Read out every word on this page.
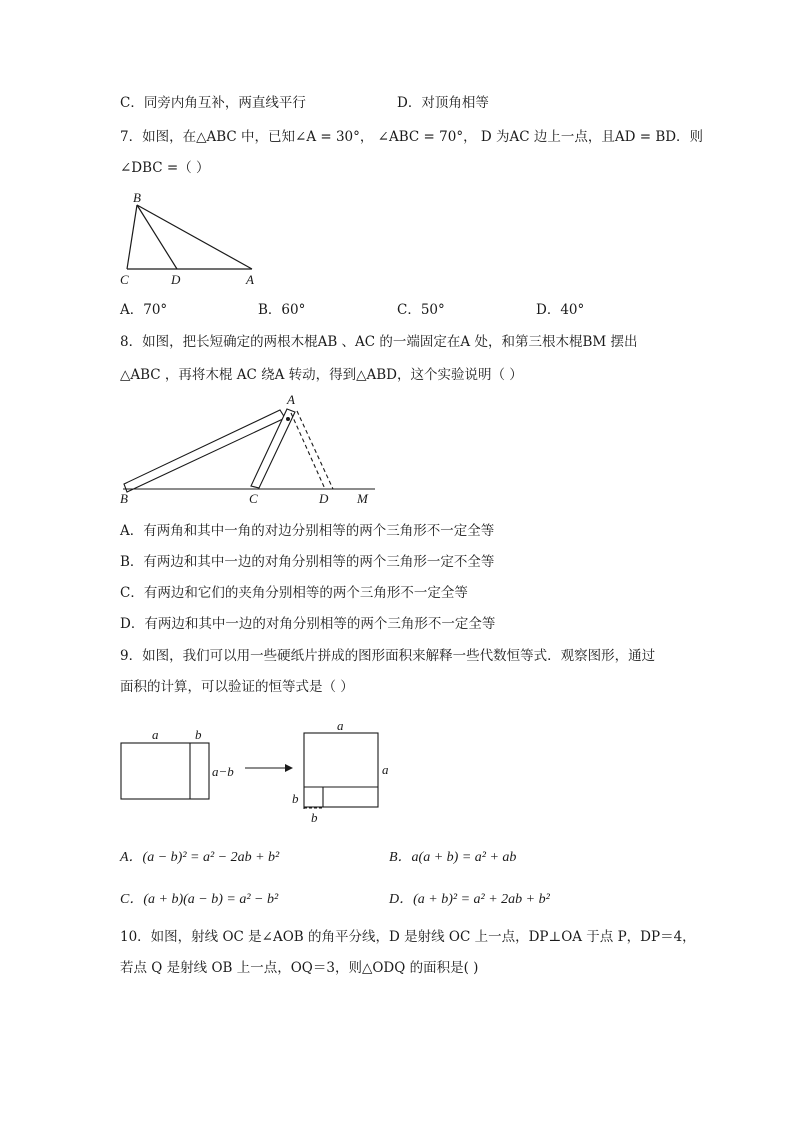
C．同旁内角互补，两直线平行	D．对顶角相等
7．如图，在△ABC 中，已知∠A = 30°， ∠ABC = 70°， D 为AC 边上一点，且AD = BD．则
∠DBC =（ ）
B
C	D	A
A．70°	B．60°	C．50°	D．40°
8．如图，把长短确定的两根木棍AB 、AC 的一端固定在A 处，和第三根木棍BM 摆出
△ABC ，再将木棍 AC 绕A 转动，得到△ABD，这个实验说明（ ）
A
B	C	D M
A．有两角和其中一角的对边分别相等的两个三角形不一定全等
B．有两边和其中一边的对角分别相等的两个三角形一定不全等
C．有两边和它们的夹角分别相等的两个三角形不一定全等
D．有两边和其中一边的对角分别相等的两个三角形不一定全等
9．如图，我们可以用一些硬纸片拼成的图形面积来解释一些代数恒等式．观察图形，通过
面积的计算，可以验证的恒等式是（ ）
a	b
a−b
a
a
b
b
A．(a − b)² = a² − 2ab + b²	B．a(a + b) = a² + ab
C．(a + b)(a − b) = a² − b²	D．(a + b)² = a² + 2ab + b²
10．如图，射线 OC 是∠AOB 的角平分线，D 是射线 OC 上一点，DP⊥OA 于点 P，DP＝4，
若点 Q 是射线 OB 上一点，OQ＝3，则△ODQ 的面积是( )
